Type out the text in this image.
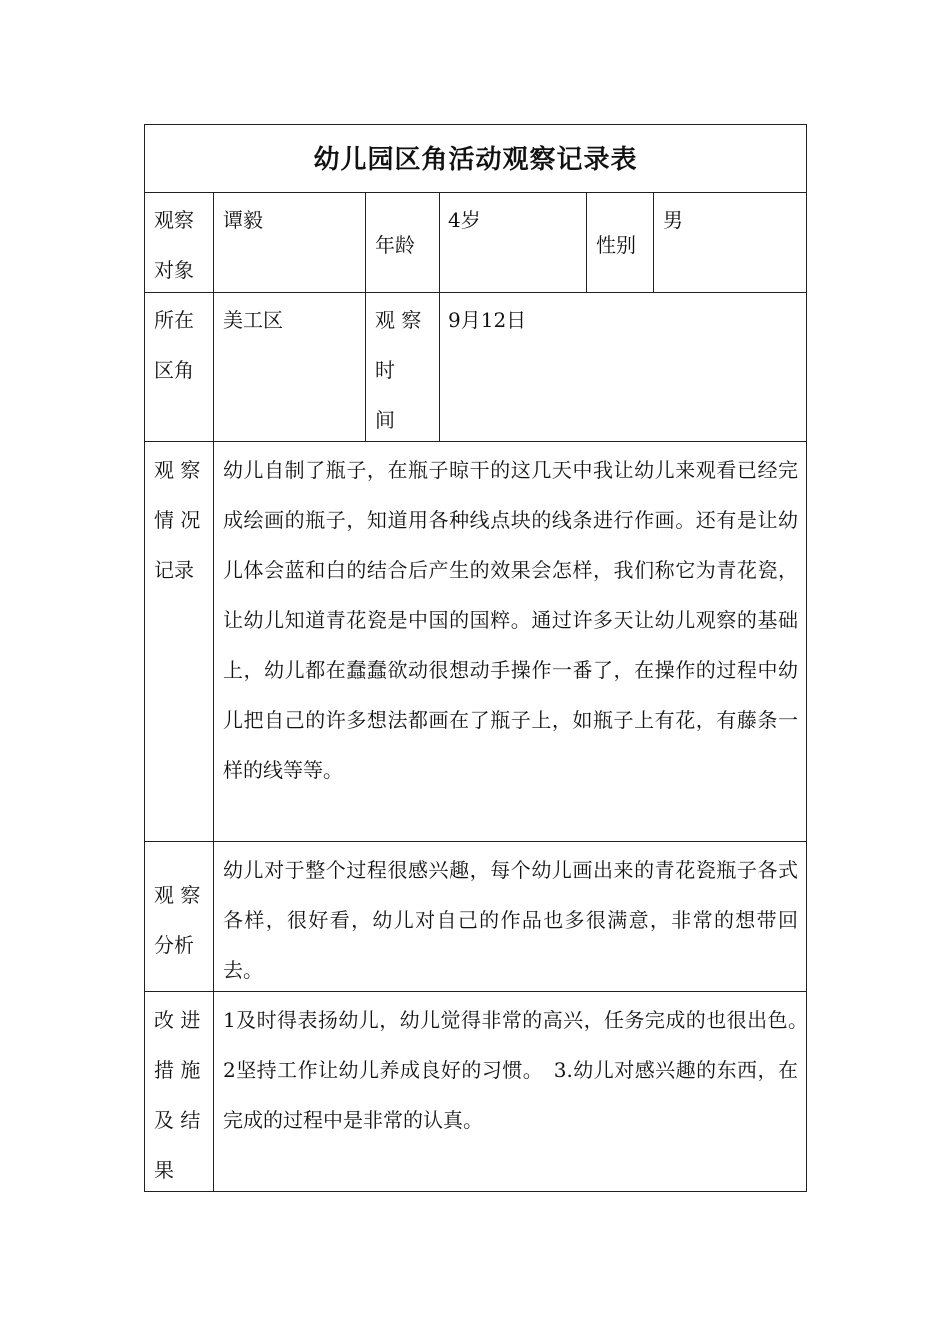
幼儿园区角活动观察记录表
观察
对象
谭毅
年龄
4岁
性别
男
所在
区角
美工区	观 察
时
间
9月12日
观 察
情 况
记录
幼儿自制了瓶子，在瓶子晾干的这几天中我让幼儿来观看已经完成绘画的瓶子，知道用各种线点块的线条进行作画。还有是让幼儿体会蓝和白的结合后产生的效果会怎样，我们称它为青花瓷，让幼儿知道青花瓷是中国的国粹。通过许多天让幼儿观察的基础上，幼儿都在蠢蠢欲动很想动手操作一番了，在操作的过程中幼儿把自己的许多想法都画在了瓶子上，如瓶子上有花，有藤条一样的线等等。
观 察
分析
幼儿对于整个过程很感兴趣，每个幼儿画出来的青花瓷瓶子各式各样，很好看，幼儿对自己的作品也多很满意，非常的想带回去。
改 进
措 施
及 结
果
1及时得表扬幼儿，幼儿觉得非常的高兴，任务完成的也很出色。　2坚持工作让幼儿养成良好的习惯。　3.幼儿对感兴趣的东西，在完成的过程中是非常的认真。
